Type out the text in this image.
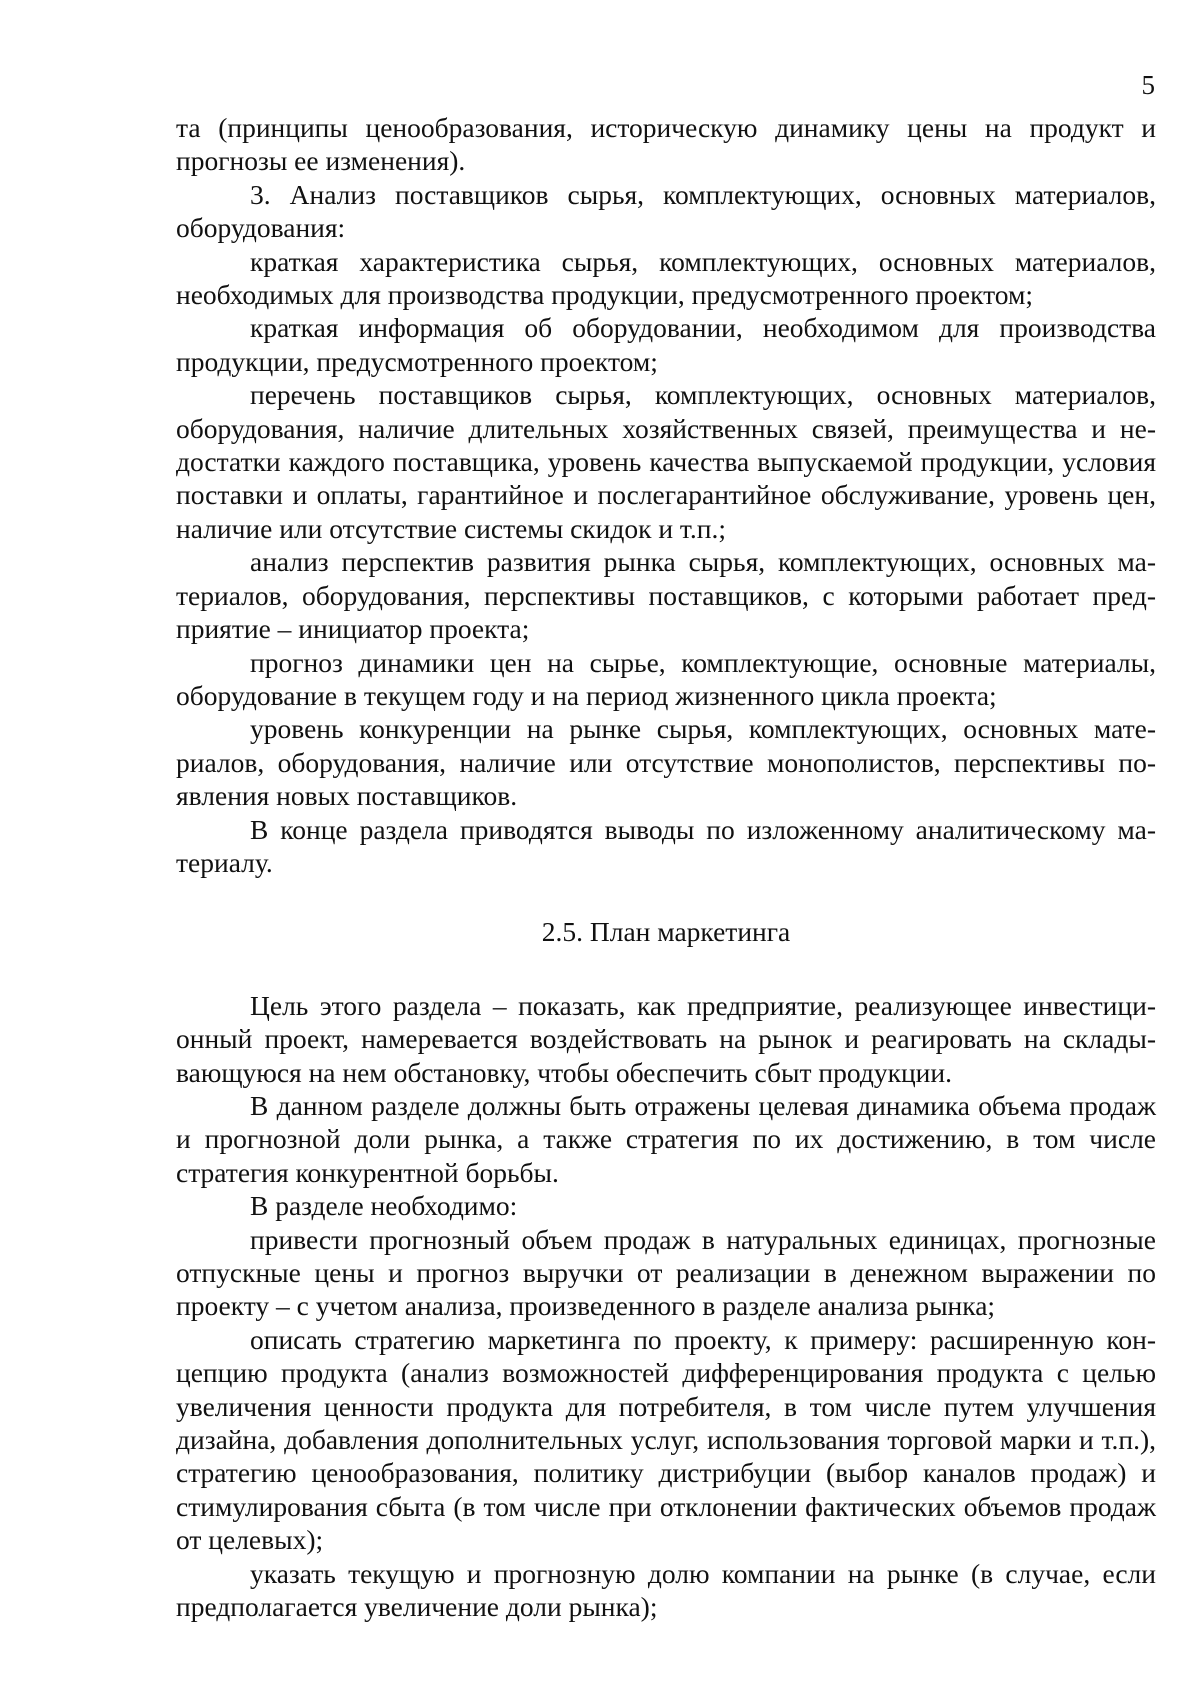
5

та (принципы ценообразования, историческую динамику цены на продукт и прогнозы ее изменения).

3. Анализ поставщиков сырья, комплектующих, основных материалов, оборудования:

краткая характеристика сырья, комплектующих, основных материалов, необходимых для производства продукции, предусмотренного проектом;

краткая информация об оборудовании, необходимом для производства продукции, предусмотренного проектом;

перечень поставщиков сырья, комплектующих, основных материалов, оборудования, наличие длительных хозяйственных связей, преимущества и недостатки каждого поставщика, уровень качества выпускаемой продукции, условия поставки и оплаты, гарантийное и послегарантийное обслуживание, уровень цен, наличие или отсутствие системы скидок и т.п.;

анализ перспектив развития рынка сырья, комплектующих, основных материалов, оборудования, перспективы поставщиков, с которыми работает предприятие – инициатор проекта;

прогноз динамики цен на сырье, комплектующие, основные материалы, оборудование в текущем году и на период жизненного цикла проекта;

уровень конкуренции на рынке сырья, комплектующих, основных материалов, оборудования, наличие или отсутствие монополистов, перспективы появления новых поставщиков.

В конце раздела приводятся выводы по изложенному аналитическому материалу.

2.5. План маркетинга

Цель этого раздела – показать, как предприятие, реализующее инвестиционный проект, намеревается воздействовать на рынок и реагировать на складывающуюся на нем обстановку, чтобы обеспечить сбыт продукции.

В данном разделе должны быть отражены целевая динамика объема продаж и прогнозной доли рынка, а также стратегия по их достижению, в том числе стратегия конкурентной борьбы.

В разделе необходимо:

привести прогнозный объем продаж в натуральных единицах, прогнозные отпускные цены и прогноз выручки от реализации в денежном выражении по проекту – с учетом анализа, произведенного в разделе анализа рынка;

описать стратегию маркетинга по проекту, к примеру: расширенную концепцию продукта (анализ возможностей дифференцирования продукта с целью увеличения ценности продукта для потребителя, в том числе путем улучшения дизайна, добавления дополнительных услуг, использования торговой марки и т.п.), стратегию ценообразования, политику дистрибуции (выбор каналов продаж) и стимулирования сбыта (в том числе при отклонении фактических объемов продаж от целевых);

указать текущую и прогнозную долю компании на рынке (в случае, если предполагается увеличение доли рынка);
